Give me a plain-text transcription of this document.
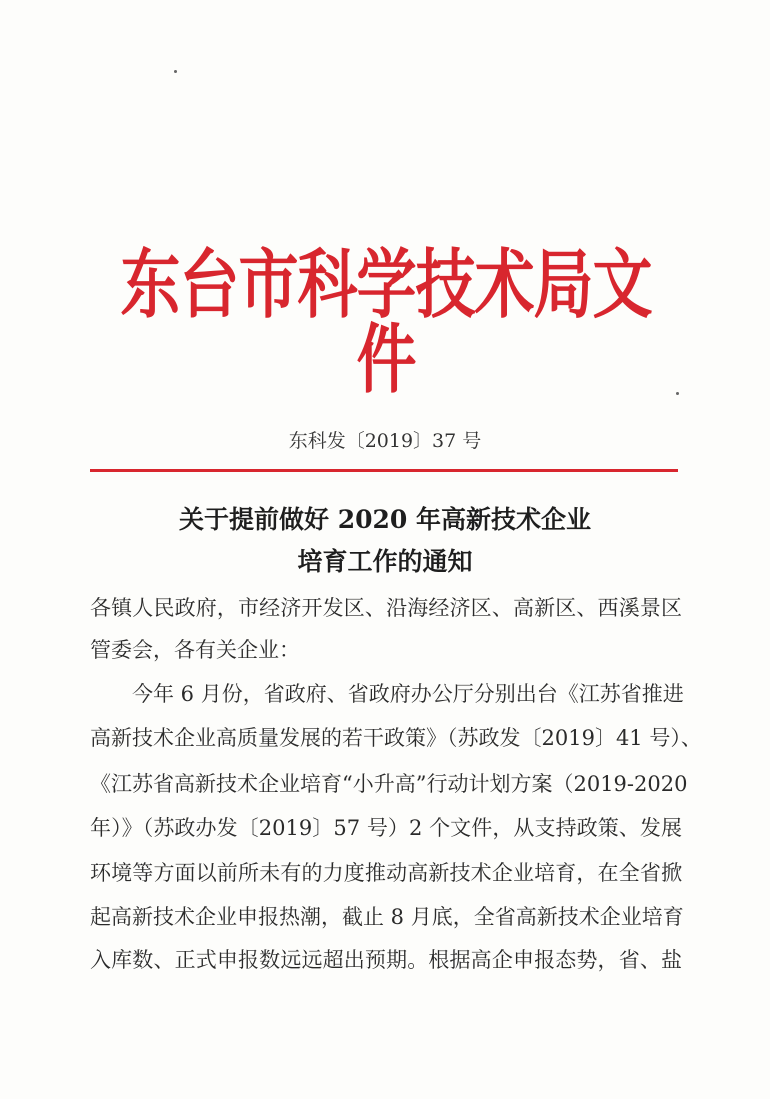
东台市科学技术局文件
东科发〔2019〕37 号
关于提前做好 2020 年高新技术企业
培育工作的通知
各镇人民政府，市经济开发区、沿海经济区、高新区、西溪景区
管委会，各有关企业：
今年 6 月份，省政府、省政府办公厅分别出台《江苏省推进
高新技术企业高质量发展的若干政策》（苏政发〔2019〕41 号）、
《江苏省高新技术企业培育“小升高”行动计划方案（2019-2020
年）》（苏政办发〔2019〕57 号）2 个文件，从支持政策、发展
环境等方面以前所未有的力度推动高新技术企业培育，在全省掀
起高新技术企业申报热潮，截止 8 月底，全省高新技术企业培育
入库数、正式申报数远远超出预期。根据高企申报态势，省、盐
